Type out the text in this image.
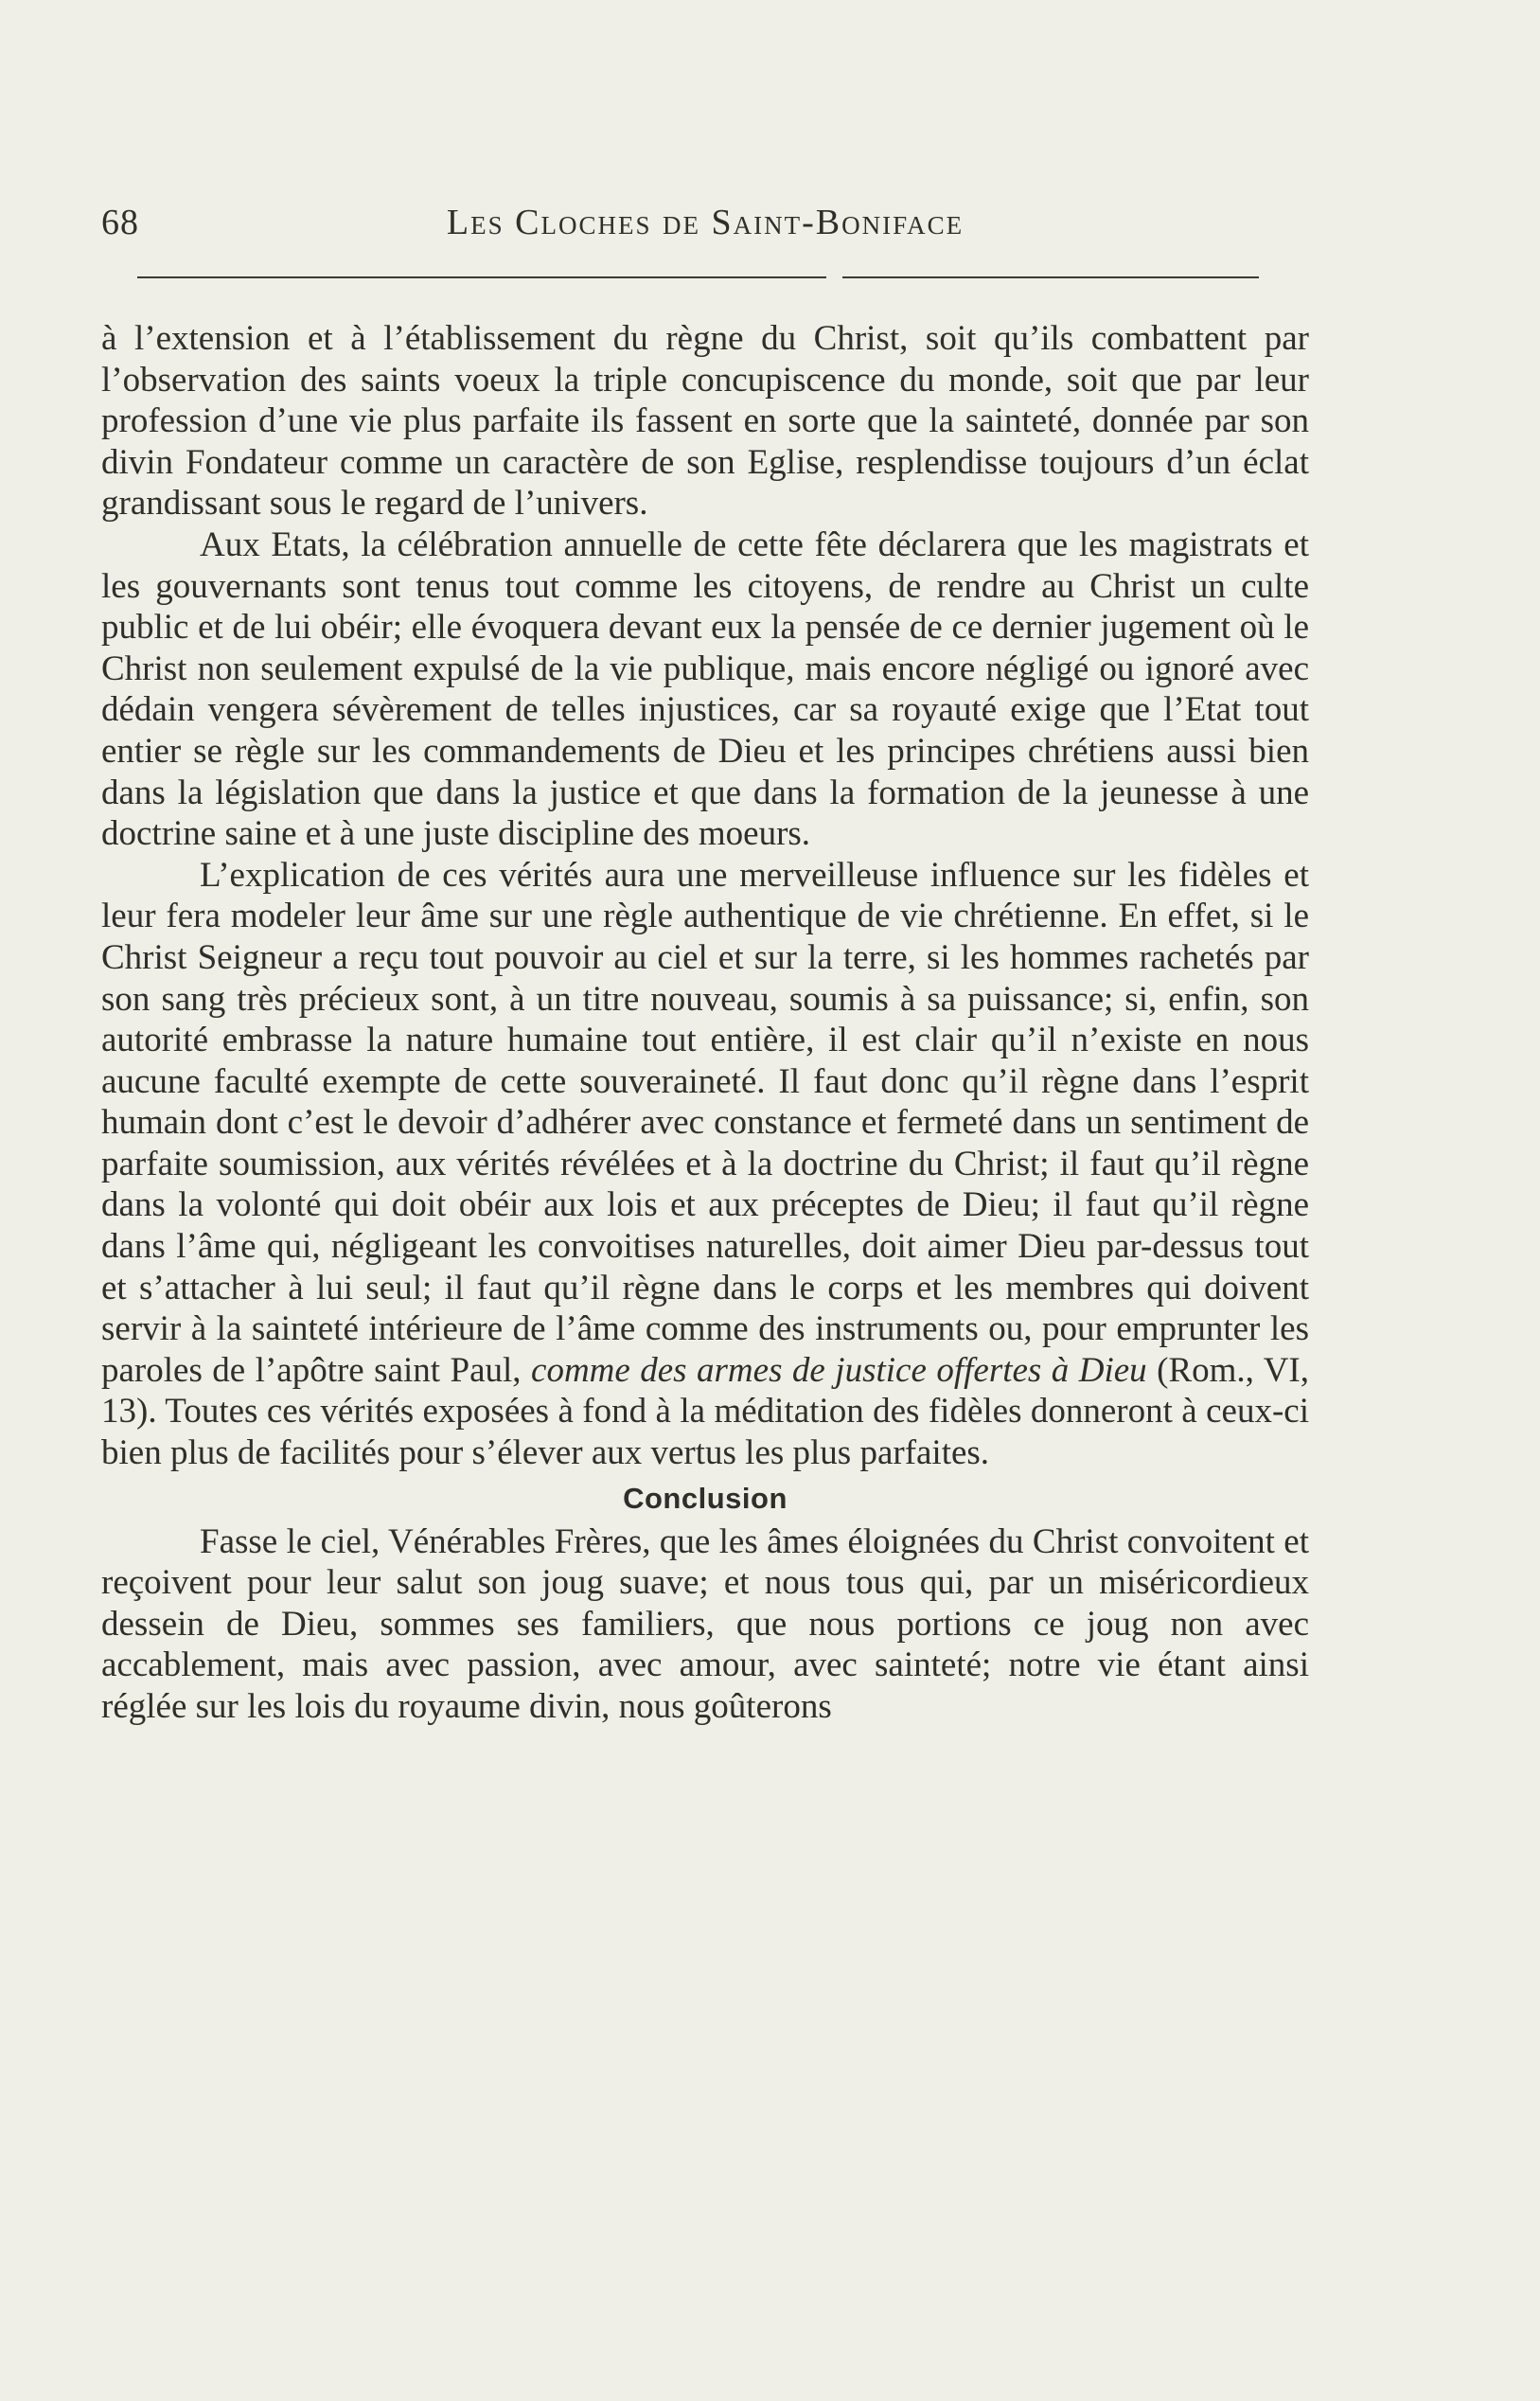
68	Les Cloches de Saint-Boniface

à l’extension et à l’établissement du règne du Christ, soit qu’ils combattent par l’observation des saints voeux la triple concupiscence du monde, soit que par leur profession d’une vie plus parfaite ils fassent en sorte que la sainteté, donnée par son divin Fondateur comme un caractère de son Eglise, resplendisse toujours d’un éclat grandissant sous le regard de l’univers.

Aux Etats, la célébration annuelle de cette fête déclarera que les magistrats et les gouvernants sont tenus tout comme les citoyens, de rendre au Christ un culte public et de lui obéir; elle évoquera devant eux la pensée de ce dernier jugement où le Christ non seulement expulsé de la vie publique, mais encore négligé ou ignoré avec dédain vengera sévèrement de telles injustices, car sa royauté exige que l’Etat tout entier se règle sur les commandements de Dieu et les principes chrétiens aussi bien dans la législation que dans la justice et que dans la formation de la jeunesse à une doctrine saine et à une juste discipline des moeurs.

L’explication de ces vérités aura une merveilleuse influence sur les fidèles et leur fera modeler leur âme sur une règle authentique de vie chrétienne. En effet, si le Christ Seigneur a reçu tout pouvoir au ciel et sur la terre, si les hommes rachetés par son sang très précieux sont, à un titre nouveau, soumis à sa puissance; si, enfin, son autorité embrasse la nature humaine tout entière, il est clair qu’il n’existe en nous aucune faculté exempte de cette souveraineté. Il faut donc qu’il règne dans l’esprit humain dont c’est le devoir d’adhérer avec constance et fermeté dans un sentiment de parfaite soumission, aux vérités révélées et à la doctrine du Christ; il faut qu’il règne dans la volonté qui doit obéir aux lois et aux préceptes de Dieu; il faut qu’il règne dans l’âme qui, négligeant les convoitises naturelles, doit aimer Dieu par-dessus tout et s’attacher à lui seul; il faut qu’il règne dans le corps et les membres qui doivent servir à la sainteté intérieure de l’âme comme des instruments ou, pour emprunter les paroles de l’apôtre saint Paul, comme des armes de justice offertes à Dieu (Rom., VI, 13). Toutes ces vérités exposées à fond à la méditation des fidèles donneront à ceux-ci bien plus de facilités pour s’élever aux vertus les plus parfaites.

Conclusion

Fasse le ciel, Vénérables Frères, que les âmes éloignées du Christ convoitent et reçoivent pour leur salut son joug suave; et nous tous qui, par un miséricordieux dessein de Dieu, sommes ses familiers, que nous portions ce joug non avec accablement, mais avec passion, avec amour, avec sainteté; notre vie étant ainsi réglée sur les lois du royaume divin, nous goûterons
